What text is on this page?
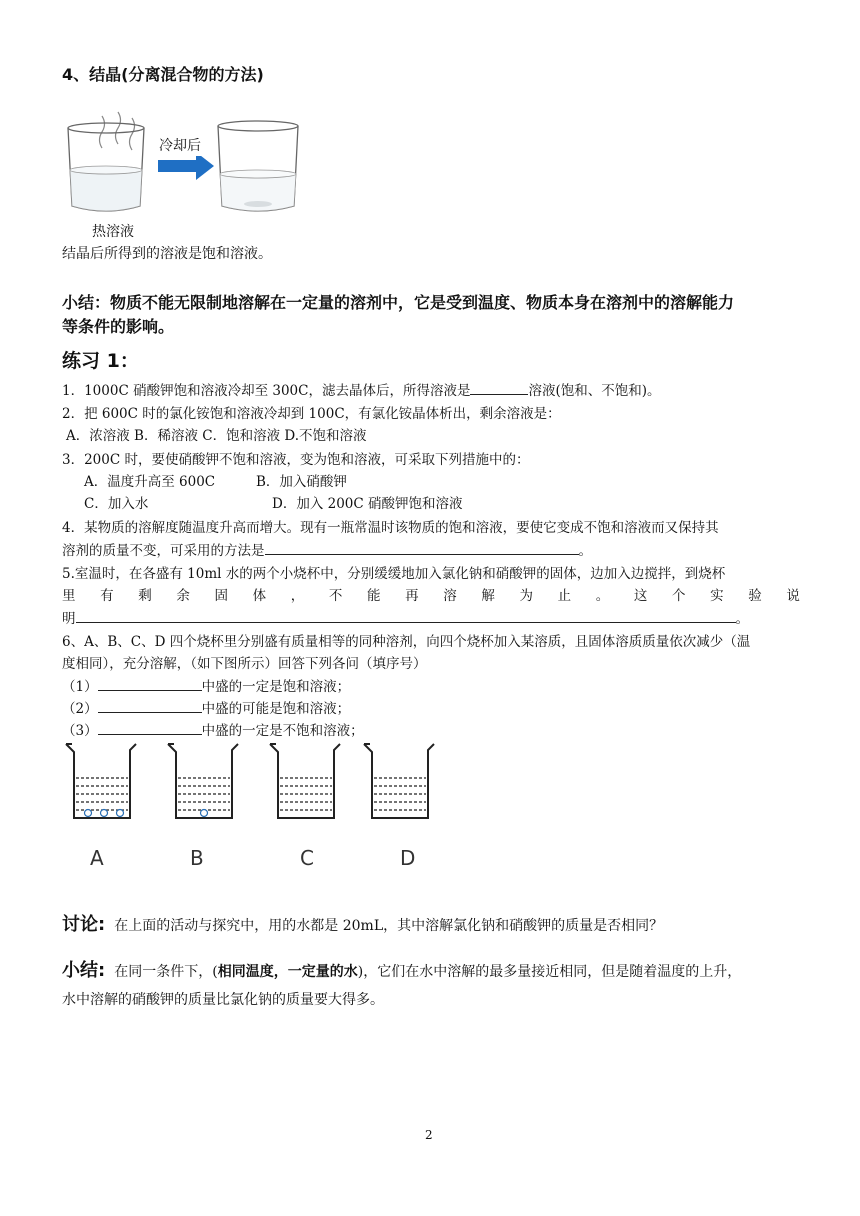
4、结晶(分离混合物的方法)
冷却后
热溶液
结晶后所得到的溶液是饱和溶液。
小结：物质不能无限制地溶解在一定量的溶剂中，它是受到温度、物质本身在溶剂中的溶解能力
等条件的影响。
练习 1：
1．1000C 硝酸钾饱和溶液冷却至 300C，滤去晶体后，所得溶液是	溶液(饱和、不饱和)。
2．把 600C 时的氯化铵饱和溶液冷却到 100C，有氯化铵晶体析出，剩余溶液是：
A．浓溶液 B．稀溶液 C．饱和溶液 D.不饱和溶液
3．200C 时，要使硝酸钾不饱和溶液，变为饱和溶液，可采取下列措施中的：
A．温度升高至 600C	B．加入硝酸钾
C．加入水	D．加入 200C 硝酸钾饱和溶液
4．某物质的溶解度随温度升高而增大。现有一瓶常温时该物质的饱和溶液，要使它变成不饱和溶液而又保持其
溶剂的质量不变，可采用的方法是	。
5.室温时，在各盛有 10ml 水的两个小烧杯中，分别缓缓地加入氯化钠和硝酸钾的固体，边加入边搅拌，到烧杯
里 有 剩 余 固 体 ， 不 能 再 溶 解 为 止 。 这 个 实 验 说
明	。
6、A、B、C、D 四个烧杯里分别盛有质量相等的同种溶剂，向四个烧杯加入某溶质，且固体溶质质量依次减少（温
度相同），充分溶解，（如下图所示）回答下列各问（填序号）
（1）	中盛的一定是饱和溶液；
（2）	中盛的可能是饱和溶液；
（3）	中盛的一定是不饱和溶液；
A	B	C	D
讨论: 在上面的活动与探究中，用的水都是 20mL，其中溶解氯化钠和硝酸钾的质量是否相同？
小结: 在同一条件下，(相同温度，一定量的水)，它们在水中溶解的最多量接近相同，但是随着温度的上升，
水中溶解的硝酸钾的质量比氯化钠的质量要大得多。
2
